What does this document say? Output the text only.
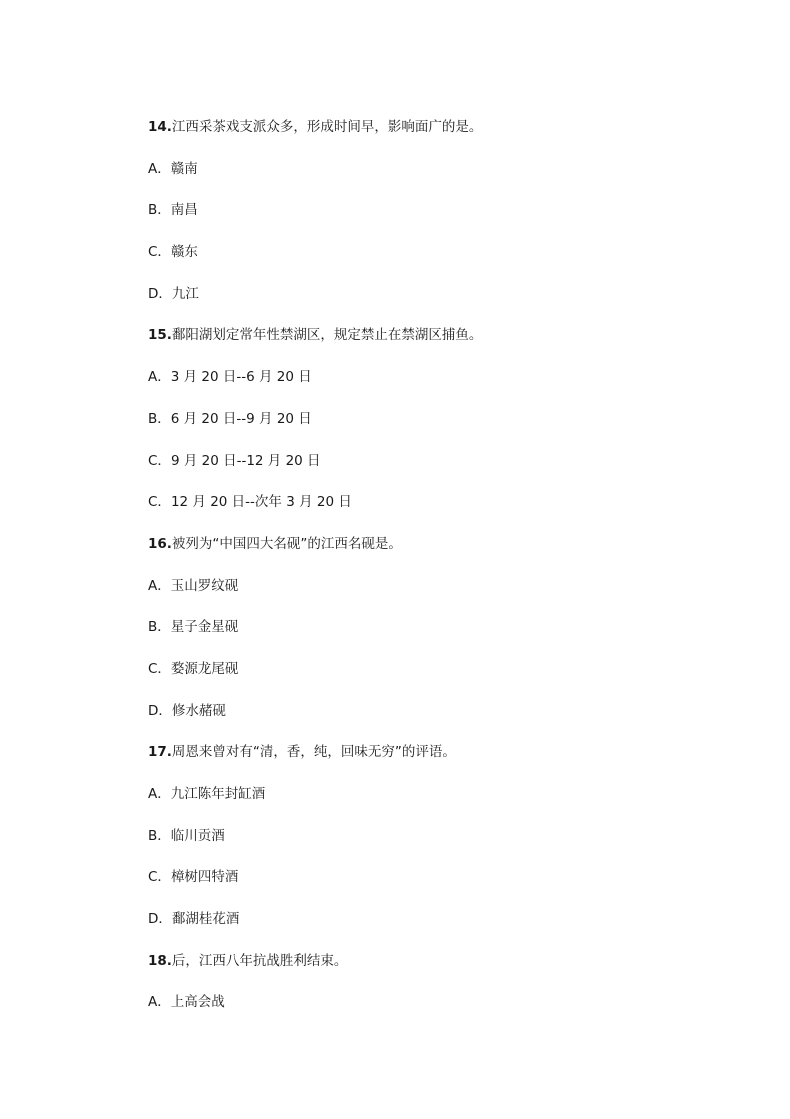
14.江西采茶戏支派众多，形成时间早，影响面广的是。
A．赣南
B．南昌
C．赣东
D．九江
15.鄱阳湖划定常年性禁湖区，规定禁止在禁湖区捕鱼。
A．3 月 20 日--6 月 20 日
B．6 月 20 日--9 月 20 日
C．9 月 20 日--12 月 20 日
C．12 月 20 日--次年 3 月 20 日
16.被列为“中国四大名砚”的江西名砚是。
A．玉山罗纹砚
B．星子金星砚
C．婺源龙尾砚
D．修水赭砚
17.周恩来曾对有“清，香，纯，回味无穷”的评语。
A．九江陈年封缸酒
B．临川贡酒
C．樟树四特酒
D．鄱湖桂花酒
18.后，江西八年抗战胜利结束。
A．上高会战
